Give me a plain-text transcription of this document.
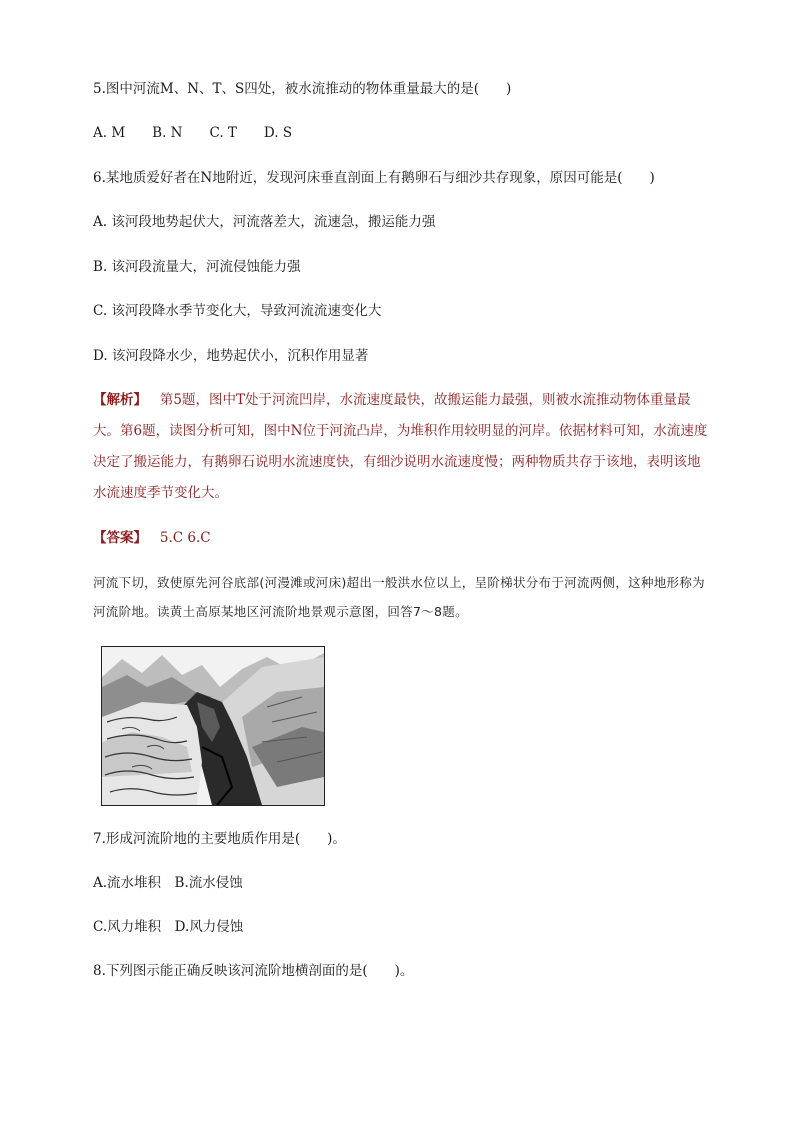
5.图中河流M、N、T、S四处，被水流推动的物体重量最大的是(　　)
A. M　　B. N　　C. T　　D. S
6.某地质爱好者在N地附近，发现河床垂直剖面上有鹅卵石与细沙共存现象，原因可能是(　　)
A. 该河段地势起伏大，河流落差大，流速急，搬运能力强
B. 该河段流量大，河流侵蚀能力强
C. 该河段降水季节变化大，导致河流流速变化大
D. 该河段降水少，地势起伏小，沉积作用显著
【解析】 第5题，图中T处于河流凹岸，水流速度最快，故搬运能力最强，则被水流推动物体重量最大。第6题，读图分析可知，图中N位于河流凸岸，为堆积作用较明显的河岸。依据材料可知，水流速度决定了搬运能力，有鹅卵石说明水流速度快，有细沙说明水流速度慢；两种物质共存于该地，表明该地水流速度季节变化大。
【答案】 5.C 6.C
河流下切，致使原先河谷底部(河漫滩或河床)超出一般洪水位以上，呈阶梯状分布于河流两侧，这种地形称为河流阶地。读黄土高原某地区河流阶地景观示意图，回答7～8题。
7.形成河流阶地的主要地质作用是(　　)。
A.流水堆积　B.流水侵蚀
C.风力堆积　D.风力侵蚀
8.下列图示能正确反映该河流阶地横剖面的是(　　)。
